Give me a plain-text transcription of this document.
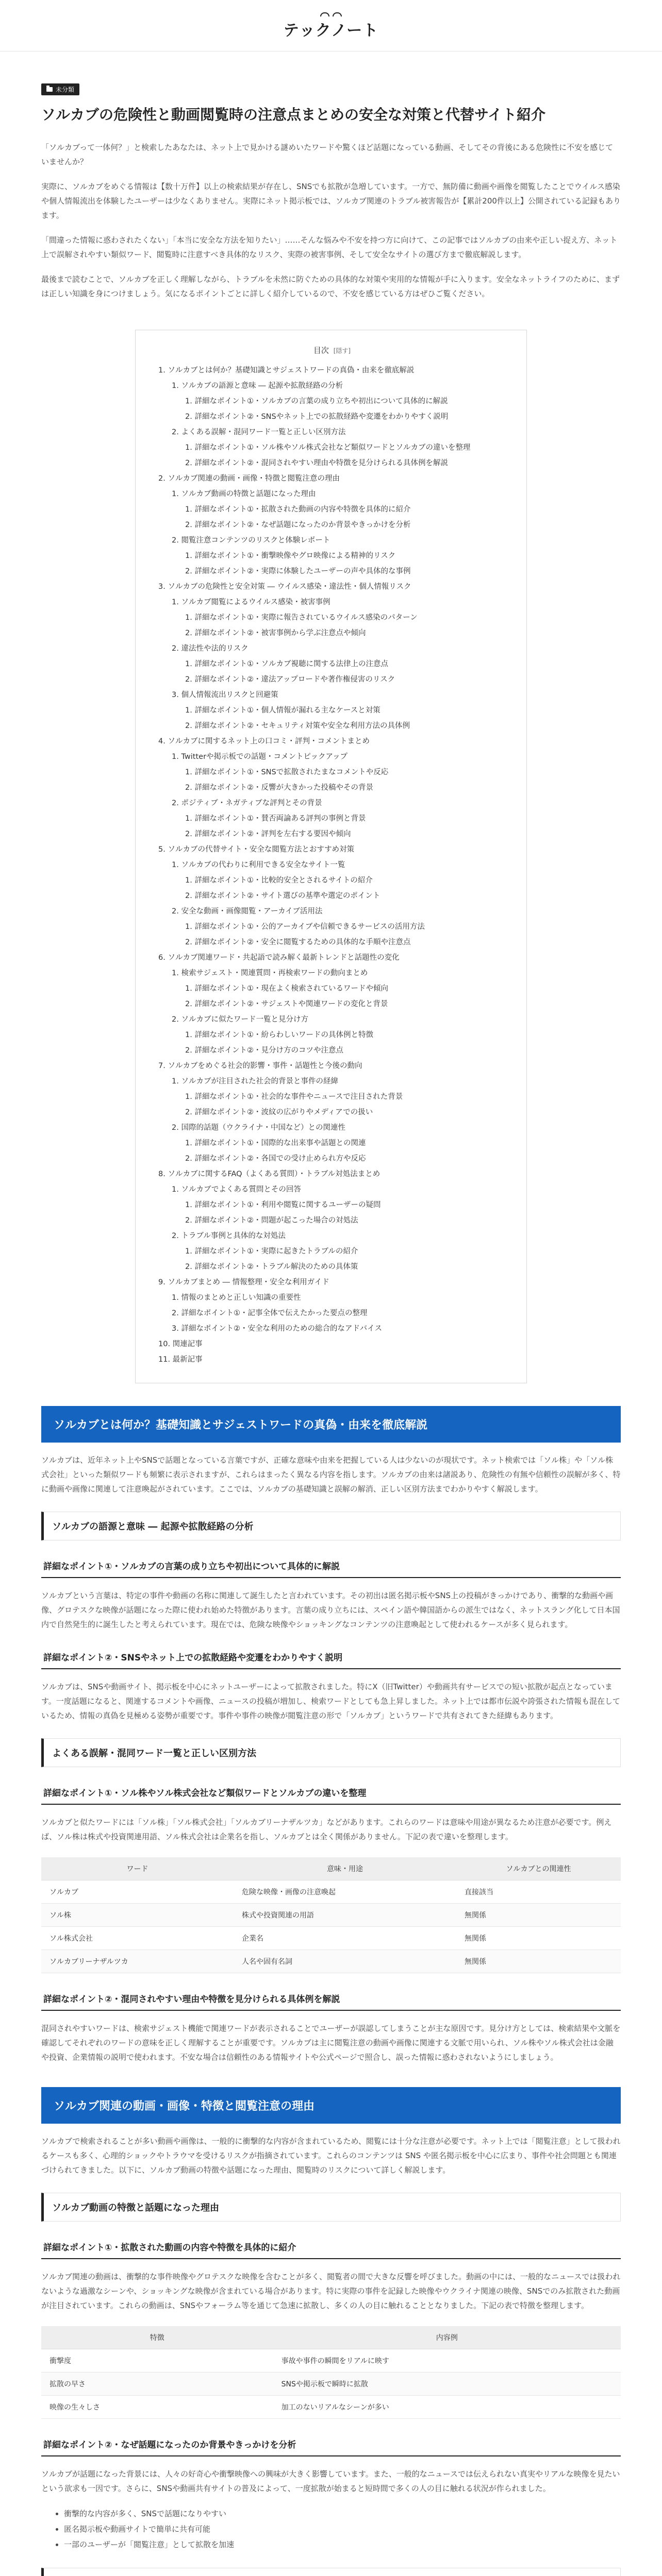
テックノート
未分類
ソルカブの危険性と動画閲覧時の注意点まとめの安全な対策と代替サイト紹介

「ソルカブって一体何？」と検索したあなたは、ネット上で見かける謎めいたワードや驚くほど話題になっている動画、そしてその背後にある危険性に不安を感じていませんか？

実際に、ソルカブをめぐる情報は【数十万件】以上の検索結果が存在し、SNSでも拡散が急増しています。一方で、無防備に動画や画像を閲覧したことでウイルス感染や個人情報流出を体験したユーザーは少なくありません。実際にネット掲示板では、ソルカブ関連のトラブル被害報告が【累計200件以上】公開されている記録もあります。

「間違った情報に惑わされたくない」「本当に安全な方法を知りたい」……そんな悩みや不安を持つ方に向けて、この記事ではソルカブの由来や正しい捉え方、ネット上で誤解されやすい類似ワード、閲覧時に注意すべき具体的なリスク、実際の被害事例、そして安全なサイトの選び方まで徹底解説します。

最後まで読むことで、ソルカブを正しく理解しながら、トラブルを未然に防ぐための具体的な対策や実用的な情報が手に入ります。安全なネットライフのために、まずは正しい知識を身につけましょう。気になるポイントごとに詳しく紹介しているので、不安を感じている方はぜひご覧ください。

目次 [隠す]
1. ソルカブとは何か？基礎知識とサジェストワードの真偽・由来を徹底解説
1. ソルカブの語源と意味 ― 起源や拡散経路の分析
1. 詳細なポイント①・ソルカブの言葉の成り立ちや初出について具体的に解説
2. 詳細なポイント②・SNSやネット上での拡散経路や変遷をわかりやすく説明
2. よくある誤解・混同ワード一覧と正しい区別方法
1. 詳細なポイント①・ソル株やソル株式会社など類似ワードとソルカブの違いを整理
2. 詳細なポイント②・混同されやすい理由や特徴を見分けられる具体例を解説
2. ソルカブ関連の動画・画像・特徴と閲覧注意の理由
1. ソルカブ動画の特徴と話題になった理由
1. 詳細なポイント①・拡散された動画の内容や特徴を具体的に紹介
2. 詳細なポイント②・なぜ話題になったのか背景やきっかけを分析
2. 閲覧注意コンテンツのリスクと体験レポート
1. 詳細なポイント①・衝撃映像やグロ映像による精神的リスク
2. 詳細なポイント②・実際に体験したユーザーの声や具体的な事例
3. ソルカブの危険性と安全対策 ― ウイルス感染・違法性・個人情報リスク
1. ソルカブ閲覧によるウイルス感染・被害事例
1. 詳細なポイント①・実際に報告されているウイルス感染のパターン
2. 詳細なポイント②・被害事例から学ぶ注意点や傾向
2. 違法性や法的リスク
1. 詳細なポイント①・ソルカブ視聴に関する法律上の注意点
2. 詳細なポイント②・違法アップロードや著作権侵害のリスク
3. 個人情報流出リスクと回避策
1. 詳細なポイント①・個人情報が漏れる主なケースと対策
2. 詳細なポイント②・セキュリティ対策や安全な利用方法の具体例
4. ソルカブに関するネット上の口コミ・評判・コメントまとめ
1. Twitterや掲示板での話題・コメントピックアップ
1. 詳細なポイント①・SNSで拡散されたまなコメントや反応
2. 詳細なポイント②・反響が大きかった投稿やその背景
2. ポジティブ・ネガティブな評判とその背景
1. 詳細なポイント①・賛否両論ある評判の事例と背景
2. 詳細なポイント②・評判を左右する要因や傾向
5. ソルカブの代替サイト・安全な閲覧方法とおすすめ対策
1. ソルカブの代わりに利用できる安全なサイト一覧
1. 詳細なポイント①・比較的安全とされるサイトの紹介
2. 詳細なポイント②・サイト選びの基準や選定のポイント
2. 安全な動画・画像閲覧・アーカイブ活用法
1. 詳細なポイント①・公的アーカイブや信頼できるサービスの活用方法
2. 詳細なポイント②・安全に閲覧するための具体的な手順や注意点
6. ソルカブ関連ワード・共起語で読み解く最新トレンドと話題性の変化
1. 検索サジェスト・関連質問・再検索ワードの動向まとめ
1. 詳細なポイント①・現在よく検索されているワードや傾向
2. 詳細なポイント②・サジェストや関連ワードの変化と背景
2. ソルカブに似たワード一覧と見分け方
1. 詳細なポイント①・紛らわしいワードの具体例と特徴
2. 詳細なポイント②・見分け方のコツや注意点
7. ソルカブをめぐる社会的影響・事件・話題性と今後の動向
1. ソルカブが注目された社会的背景と事件の経緯
1. 詳細なポイント①・社会的な事件やニュースで注目された背景
2. 詳細なポイント②・波紋の広がりやメディアでの扱い
2. 国際的話題（ウクライナ・中国など）との関連性
1. 詳細なポイント①・国際的な出来事や話題との関連
2. 詳細なポイント②・各国での受け止められ方や反応
8. ソルカブに関するFAQ（よくある質問）・トラブル対処法まとめ
1. ソルカブでよくある質問とその回答
1. 詳細なポイント①・利用や閲覧に関するユーザーの疑問
2. 詳細なポイント②・問題が起こった場合の対処法
2. トラブル事例と具体的な対処法
1. 詳細なポイント①・実際に起きたトラブルの紹介
2. 詳細なポイント②・トラブル解決のための具体策
9. ソルカブまとめ ― 情報整理・安全な利用ガイド
1. 情報のまとめと正しい知識の重要性
2. 詳細なポイント①・記事全体で伝えたかった要点の整理
3. 詳細なポイント②・安全な利用のための総合的なアドバイス
10. 関連記事
11. 最新記事
ソルカブとは何か？基礎知識とサジェストワードの真偽・由来を徹底解説

ソルカブは、近年ネット上やSNSで話題となっている言葉ですが、正確な意味や由来を把握している人は少ないのが現状です。ネット検索では「ソル株」や「ソル株式会社」といった類似ワードも頻繁に表示されますが、これらはまったく異なる内容を指します。ソルカブの由来は諸説あり、危険性の有無や信頼性の誤解が多く、特に動画や画像に関連して注意喚起がされています。ここでは、ソルカブの基礎知識と誤解の解消、正しい区別方法までわかりやすく解説します。

ソルカブの語源と意味 ― 起源や拡散経路の分析
詳細なポイント①・ソルカブの言葉の成り立ちや初出について具体的に解説

ソルカブという言葉は、特定の事件や動画の名称に関連して誕生したと言われています。その初出は匿名掲示板やSNS上の投稿がきっかけであり、衝撃的な動画や画像、グロテスクな映像が話題になった際に使われ始めた特徴があります。言葉の成り立ちには、スペイン語や韓国語からの派生ではなく、ネットスラング化して日本国内で自然発生的に誕生したと考えられています。現在では、危険な映像やショッキングなコンテンツの注意喚起として使われるケースが多く見られます。

詳細なポイント②・SNSやネット上での拡散経路や変遷をわかりやすく説明

ソルカブは、SNSや動画サイト、掲示板を中心にネットユーザーによって拡散されました。特にX（旧Twitter）や動画共有サービスでの短い拡散が起点となっています。一度話題になると、関連するコメントや画像、ニュースの投稿が増加し、検索ワードとしても急上昇しました。ネット上では都市伝説や誇張された情報も混在しているため、情報の真偽を見極める姿勢が重要です。事件や事件の映像が閲覧注意の形で「ソルカブ」というワードで共有されてきた経緯もあります。

よくある誤解・混同ワード一覧と正しい区別方法
詳細なポイント①・ソル株やソル株式会社など類似ワードとソルカブの違いを整理

ソルカブと似たワードには「ソル株」「ソル株式会社」「ソルカブリーナザルツカ」などがあります。これらのワードは意味や用途が異なるため注意が必要です。例えば、ソル株は株式や投資関連用語、ソル株式会社は企業名を指し、ソルカブとは全く関係がありません。下記の表で違いを整理します。

ワード	意味・用途	ソルカブとの関連性
ソルカブ	危険な映像・画像の注意喚起	直接該当
ソル株	株式や投資関連の用語	無関係
ソル株式会社	企業名	無関係
ソルカブリーナザルツカ	人名や固有名詞	無関係
詳細なポイント②・混同されやすい理由や特徴を見分けられる具体例を解説

混同されやすいワードは、検索サジェスト機能で関連ワードが表示されることでユーザーが誤認してしまうことが主な原因です。見分け方としては、検索結果や文脈を確認してそれぞれのワードの意味を正しく理解することが重要です。ソルカブは主に閲覧注意の動画や画像に関連する文脈で用いられ、ソル株やソル株式会社は金融や投資、企業情報の説明で使われます。不安な場合は信頼性のある情報サイトや公式ページで照合し、誤った情報に惑わされないようにしましょう。

ソルカブ関連の動画・画像・特徴と閲覧注意の理由

ソルカブで検索されることが多い動画や画像は、一般的に衝撃的な内容が含まれているため、閲覧には十分な注意が必要です。ネット上では「閲覧注意」として扱われるケースも多く、心理的ショックやトラウマを受けるリスクが指摘されています。これらのコンテンツは SNS や匿名掲示板を中心に広まり、事件や社会問題とも関連づけられてきました。以下に、ソルカブ動画の特徴や話題になった理由、閲覧時のリスクについて詳しく解説します。

ソルカブ動画の特徴と話題になった理由
詳細なポイント①・拡散された動画の内容や特徴を具体的に紹介

ソルカブ関連の動画は、衝撃的な事件映像やグロテスクな映像を含むことが多く、閲覧者の間で大きな反響を呼びました。動画の中には、一般的なニュースでは扱われないような過激なシーンや、ショッキングな映像が含まれている場合があります。特に実際の事件を記録した映像やウクライナ関連の映像、SNSでのみ拡散された動画が注目されています。これらの動画は、SNSやフォーラム等を通じて急速に拡散し、多くの人の目に触れることとなりました。下記の表で特徴を整理します。

特徴	内容例
衝撃度	事故や事件の瞬間をリアルに映す
拡散の早さ	SNSや掲示板で瞬時に拡散
映像の生々しさ	加工のないリアルなシーンが多い
詳細なポイント②・なぜ話題になったのか背景やきっかけを分析

ソルカブが話題になった背景には、人々の好奇心や衝撃映像への興味が大きく影響しています。また、一般的なニュースでは伝えられない真実やリアルな映像を見たいという欲求も一因です。さらに、SNSや動画共有サイトの普及によって、一度拡散が始まると短時間で多くの人の目に触れる状況が作られました。

• 衝撃的な内容が多く、SNSで話題になりやすい
• 匿名掲示板や動画サイトで簡単に共有可能
• 一部のユーザーが「閲覧注意」として拡散を加速
